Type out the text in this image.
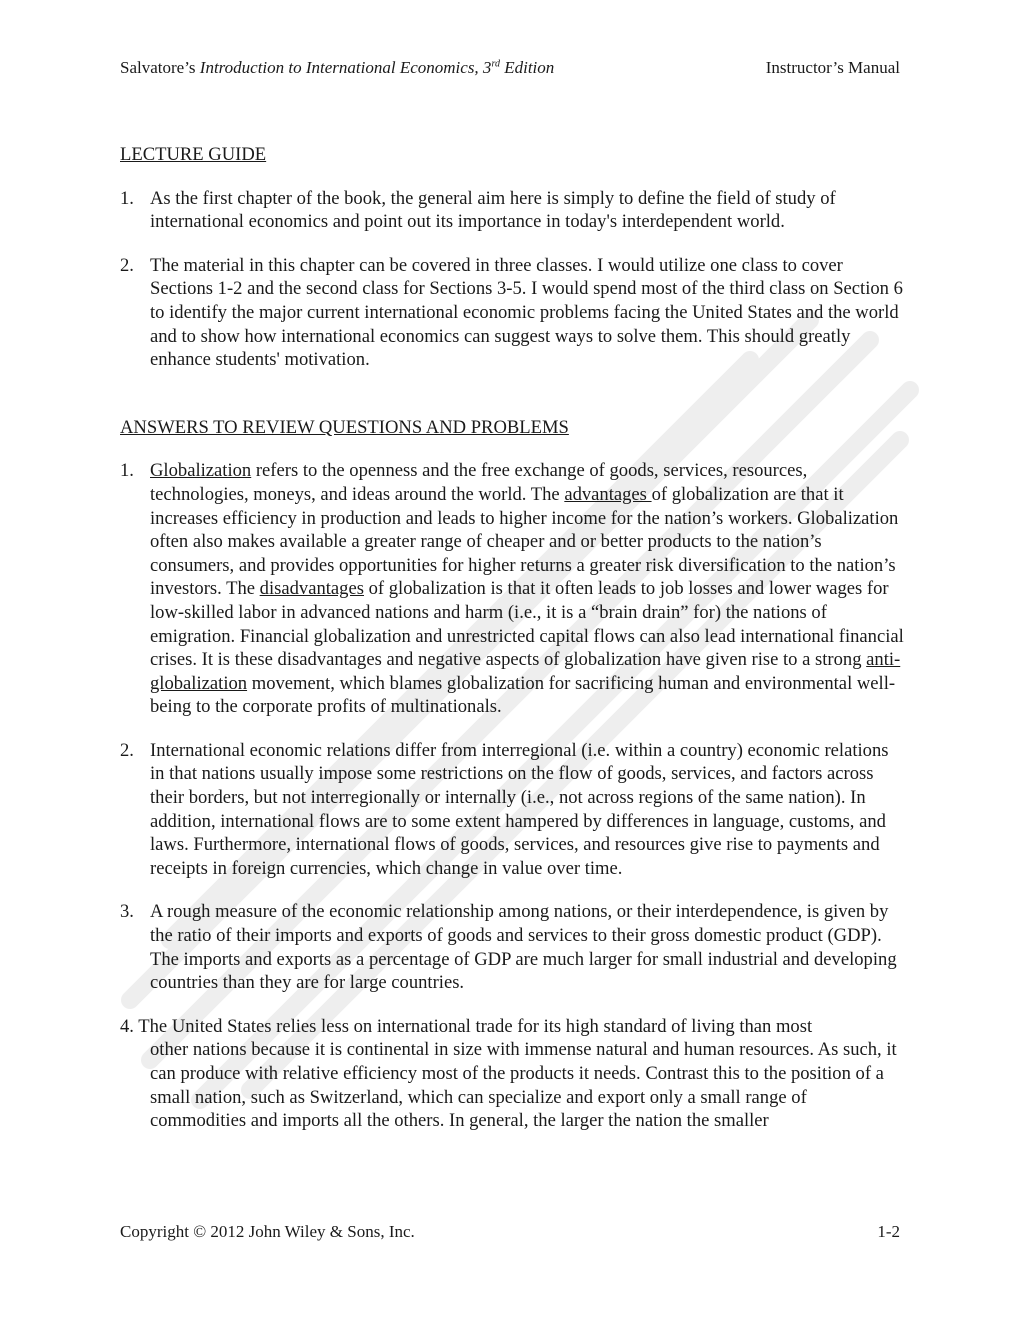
Salvatore’s Introduction to International Economics, 3rd Edition	Instructor’s Manual

LECTURE GUIDE

1. As the first chapter of the book, the general aim here is simply to define the field of study of international economics and point out its importance in today's interdependent world.
2. The material in this chapter can be covered in three classes. I would utilize one class to cover Sections 1-2 and the second class for Sections 3-5. I would spend most of the third class on Section 6 to identify the major current international economic problems facing the United States and the world and to show how international economics can suggest ways to solve them. This should greatly enhance students' motivation.

ANSWERS TO REVIEW QUESTIONS AND PROBLEMS

1. Globalization refers to the openness and the free exchange of goods, services, resources, technologies, moneys, and ideas around the world. The advantages of globalization are that it increases efficiency in production and leads to higher income for the nation’s workers. Globalization often also makes available a greater range of cheaper and or better products to the nation’s consumers, and provides opportunities for higher returns a greater risk diversification to the nation’s investors. The disadvantages of globalization is that it often leads to job losses and lower wages for low-skilled labor in advanced nations and harm (i.e., it is a “brain drain” for) the nations of emigration. Financial globalization and unrestricted capital flows can also lead international financial crises. It is these disadvantages and negative aspects of globalization have given rise to a strong anti-globalization movement, which blames globalization for sacrificing human and environmental well-being to the corporate profits of multinationals.
2. International economic relations differ from interregional (i.e. within a country) economic relations in that nations usually impose some restrictions on the flow of goods, services, and factors across their borders, but not interregionally or internally (i.e., not across regions of the same nation). In addition, international flows are to some extent hampered by differences in language, customs, and laws. Furthermore, international flows of goods, services, and resources give rise to payments and receipts in foreign currencies, which change in value over time.
3. A rough measure of the economic relationship among nations, or their interdependence, is given by the ratio of their imports and exports of goods and services to their gross domestic product (GDP). The imports and exports as a percentage of GDP are much larger for small industrial and developing countries than they are for large countries.
4. The United States relies less on international trade for its high standard of living than most
other nations because it is continental in size with immense natural and human resources. As such, it can produce with relative efficiency most of the products it needs. Contrast this to the position of a small nation, such as Switzerland, which can specialize and export only a small range of commodities and imports all the others. In general, the larger the nation the smaller
Copyright © 2012 John Wiley & Sons, Inc.	1-2
